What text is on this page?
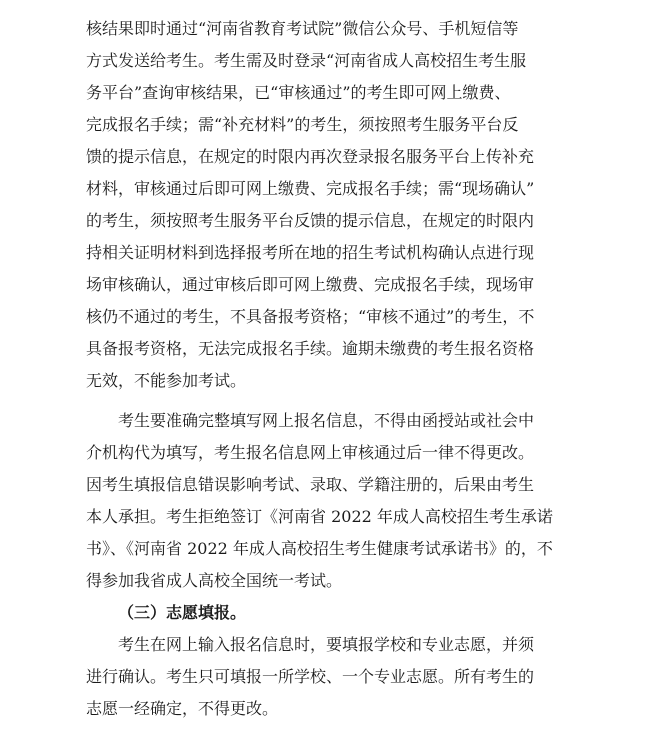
核结果即时通过“河南省教育考试院”微信公众号、手机短信等
方式发送给考生。考生需及时登录“河南省成人高校招生考生服
务平台”查询审核结果，已“审核通过”的考生即可网上缴费、
完成报名手续；需“补充材料”的考生，须按照考生服务平台反
馈的提示信息，在规定的时限内再次登录报名服务平台上传补充
材料，审核通过后即可网上缴费、完成报名手续；需“现场确认”
的考生，须按照考生服务平台反馈的提示信息，在规定的时限内
持相关证明材料到选择报考所在地的招生考试机构确认点进行现
场审核确认，通过审核后即可网上缴费、完成报名手续，现场审
核仍不通过的考生，不具备报考资格；“审核不通过”的考生，不
具备报考资格，无法完成报名手续。逾期未缴费的考生报名资格
无效，不能参加考试。
考生要准确完整填写网上报名信息，不得由函授站或社会中
介机构代为填写，考生报名信息网上审核通过后一律不得更改。
因考生填报信息错误影响考试、录取、学籍注册的，后果由考生
本人承担。考生拒绝签订《河南省 2022 年成人高校招生考生承诺
书》、《河南省 2022 年成人高校招生考生健康考试承诺书》的，不
得参加我省成人高校全国统一考试。
（三）志愿填报。
考生在网上输入报名信息时，要填报学校和专业志愿，并须
进行确认。考生只可填报一所学校、一个专业志愿。所有考生的
志愿一经确定，不得更改。
